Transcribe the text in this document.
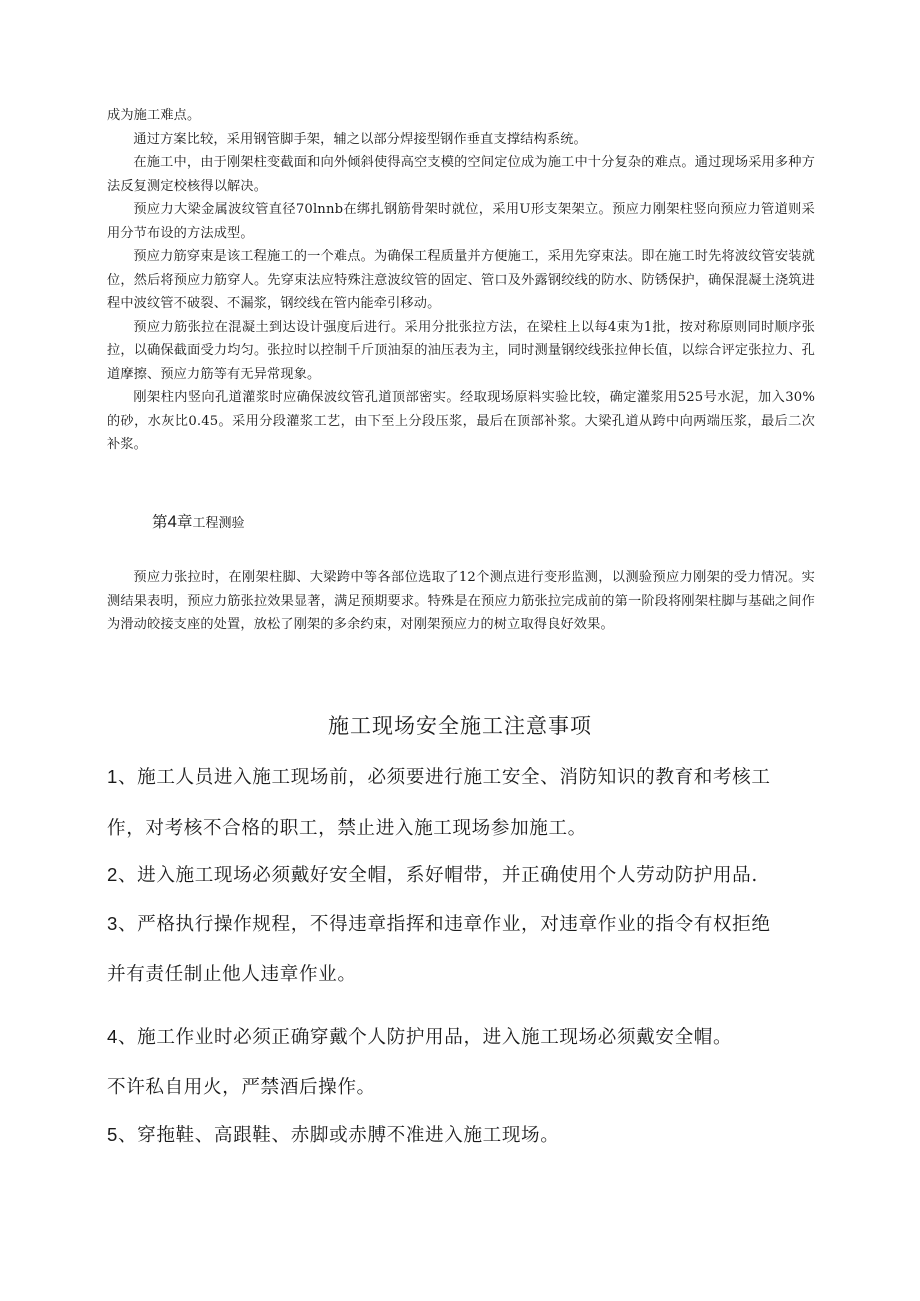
成为施工难点。

通过方案比较，采用钢管脚手架，辅之以部分焊接型钢作垂直支撑结构系统。

在施工中，由于刚架柱变截面和向外倾斜使得高空支模的空间定位成为施工中十分复杂的难点。通过现场采用多种方法反复测定校核得以解决。

预应力大梁金属波纹管直径70lnnb在绑扎钢筋骨架时就位，采用U形支架架立。预应力刚架柱竖向预应力管道则采用分节布设的方法成型。

预应力筋穿束是该工程施工的一个难点。为确保工程质量并方便施工，采用先穿束法。即在施工时先将波纹管安装就位，然后将预应力筋穿人。先穿束法应特殊注意波纹管的固定、管口及外露钢绞线的防水、防锈保护，确保混凝土浇筑进程中波纹管不破裂、不漏浆，钢绞线在管内能牵引移动。

预应力筋张拉在混凝土到达设计强度后进行。采用分批张拉方法，在梁柱上以每4束为1批，按对称原则同时顺序张拉，以确保截面受力均匀。张拉时以控制千斤顶油泵的油压表为主，同时测量钢绞线张拉伸长值，以综合评定张拉力、孔道摩擦、预应力筋等有无异常现象。

刚架柱内竖向孔道灌浆时应确保波纹管孔道顶部密实。经取现场原料实验比较，确定灌浆用525号水泥，加入30%的砂，水灰比0.45。采用分段灌浆工艺，由下至上分段压浆，最后在顶部补浆。大梁孔道从跨中向两端压浆，最后二次补浆。

第4章工程测验

预应力张拉时，在刚架柱脚、大梁跨中等各部位选取了12个测点进行变形监测，以测验预应力刚架的受力情况。实测结果表明，预应力筋张拉效果显著，满足预期要求。特殊是在预应力筋张拉完成前的第一阶段将刚架柱脚与基础之间作为滑动皎接支座的处置，放松了刚架的多余约束，对刚架预应力的树立取得良好效果。

施工现场安全施工注意事项

1、施工人员进入施工现场前，必须要进行施工安全、消防知识的教育和考核工

作，对考核不合格的职工，禁止进入施工现场参加施工。

2、进入施工现场必须戴好安全帽，系好帽带，并正确使用个人劳动防护用品.

3、严格执行操作规程，不得违章指挥和违章作业，对违章作业的指令有权拒绝

并有责任制止他人违章作业。

4、施工作业时必须正确穿戴个人防护用品，进入施工现场必须戴安全帽。

不许私自用火，严禁酒后操作。

5、穿拖鞋、高跟鞋、赤脚或赤膊不准进入施工现场。
